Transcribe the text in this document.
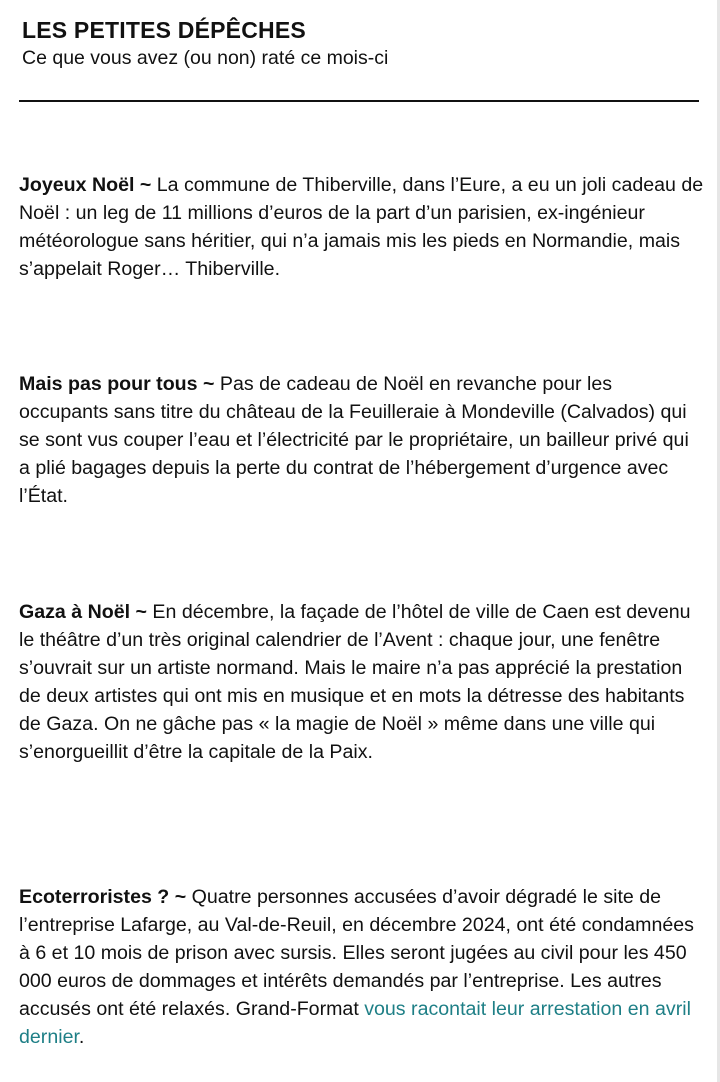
LES PETITES DÉPÊCHES

Ce que vous avez (ou non) raté ce mois-ci

Joyeux Noël ~ La commune de Thiberville, dans l’Eure, a eu un joli cadeau de Noël : un leg de 11 millions d’euros de la part d’un parisien, ex-ingénieur météorologue sans héritier, qui n’a jamais mis les pieds en Normandie, mais s’appelait Roger… Thiberville.

Mais pas pour tous ~ Pas de cadeau de Noël en revanche pour les occupants sans titre du château de la Feuilleraie à Mondeville (Calvados) qui se sont vus couper l’eau et l’électricité par le propriétaire, un bailleur privé qui a plié bagages depuis la perte du contrat de l’hébergement d’urgence avec l’État.

Gaza à Noël ~ En décembre, la façade de l’hôtel de ville de Caen est devenu le théâtre d’un très original calendrier de l’Avent : chaque jour, une fenêtre s’ouvrait sur un artiste normand. Mais le maire n’a pas apprécié la prestation de deux artistes qui ont mis en musique et en mots la détresse des habitants de Gaza. On ne gâche pas « la magie de Noël » même dans une ville qui s’enorgueillit d’être la capitale de la Paix.

Ecoterroristes ? ~ Quatre personnes accusées d’avoir dégradé le site de l’entreprise Lafarge, au Val-de-Reuil, en décembre 2024, ont été condamnées à 6 et 10 mois de prison avec sursis. Elles seront jugées au civil pour les 450 000 euros de dommages et intérêts demandés par l’entreprise. Les autres accusés ont été relaxés. Grand-Format vous racontait leur arrestation en avril dernier.
